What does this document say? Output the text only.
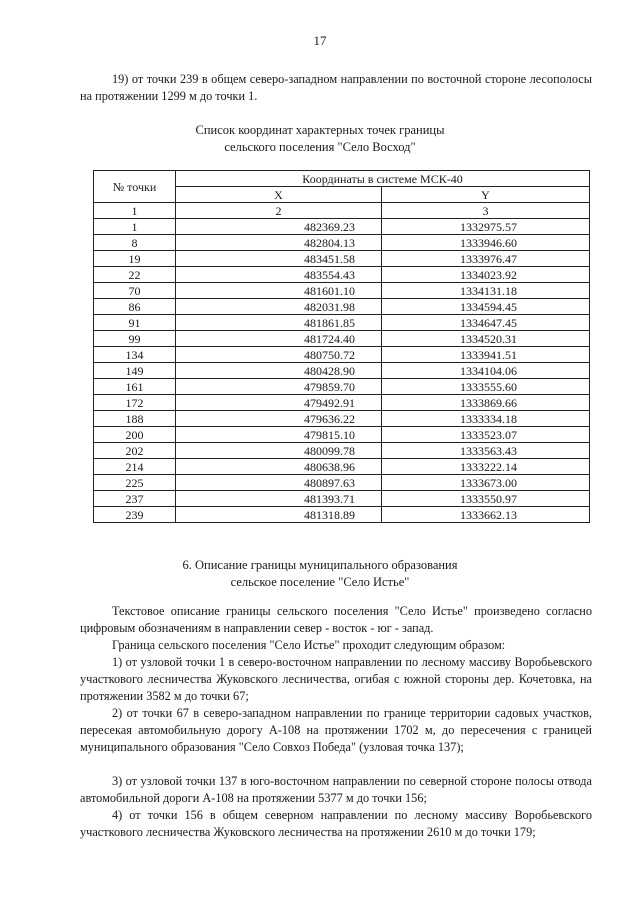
17
19) от точки 239 в общем северо-западном направлении по восточной стороне лесополосы на протяжении 1299 м до точки 1.
Список координат характерных точек границы
сельского поселения "Село Восход"
№ точки	Координаты в системе МСК-40	
	X	Y
1	2	3
1	482369.23	1332975.57
8	482804.13	1333946.60
19	483451.58	1333976.47
22	483554.43	1334023.92
70	481601.10	1334131.18
86	482031.98	1334594.45
91	481861.85	1334647.45
99	481724.40	1334520.31
134	480750.72	1333941.51
149	480428.90	1334104.06
161	479859.70	1333555.60
172	479492.91	1333869.66
188	479636.22	1333334.18
200	479815.10	1333523.07
202	480099.78	1333563.43
214	480638.96	1333222.14
225	480897.63	1333673.00
237	481393.71	1333550.97
239	481318.89	1333662.13
6. Описание границы муниципального образования
сельское поселение "Село Истье"
Текстовое описание границы сельского поселения "Село Истье" произведено согласно цифровым обозначениям в направлении север - восток - юг - запад.
Граница сельского поселения "Село Истье" проходит следующим образом:
1) от узловой точки 1 в северо-восточном направлении по лесному массиву Воробьевского участкового лесничества Жуковского лесничества, огибая с южной стороны дер. Кочетовка, на протяжении 3582 м до точки 67;
2) от точки 67 в северо-западном направлении по границе территории садовых участков, пересекая автомобильную дорогу А-108 на протяжении 1702 м, до пересечения с границей муниципального образования "Село Совхоз Победа" (узловая точка 137);
3) от узловой точки 137 в юго-восточном направлении по северной стороне полосы отвода автомобильной дороги А-108 на протяжении 5377 м до точки 156;
4) от точки 156 в общем северном направлении по лесному массиву Воробьевского участкового лесничества Жуковского лесничества на протяжении 2610 м до точки 179;
